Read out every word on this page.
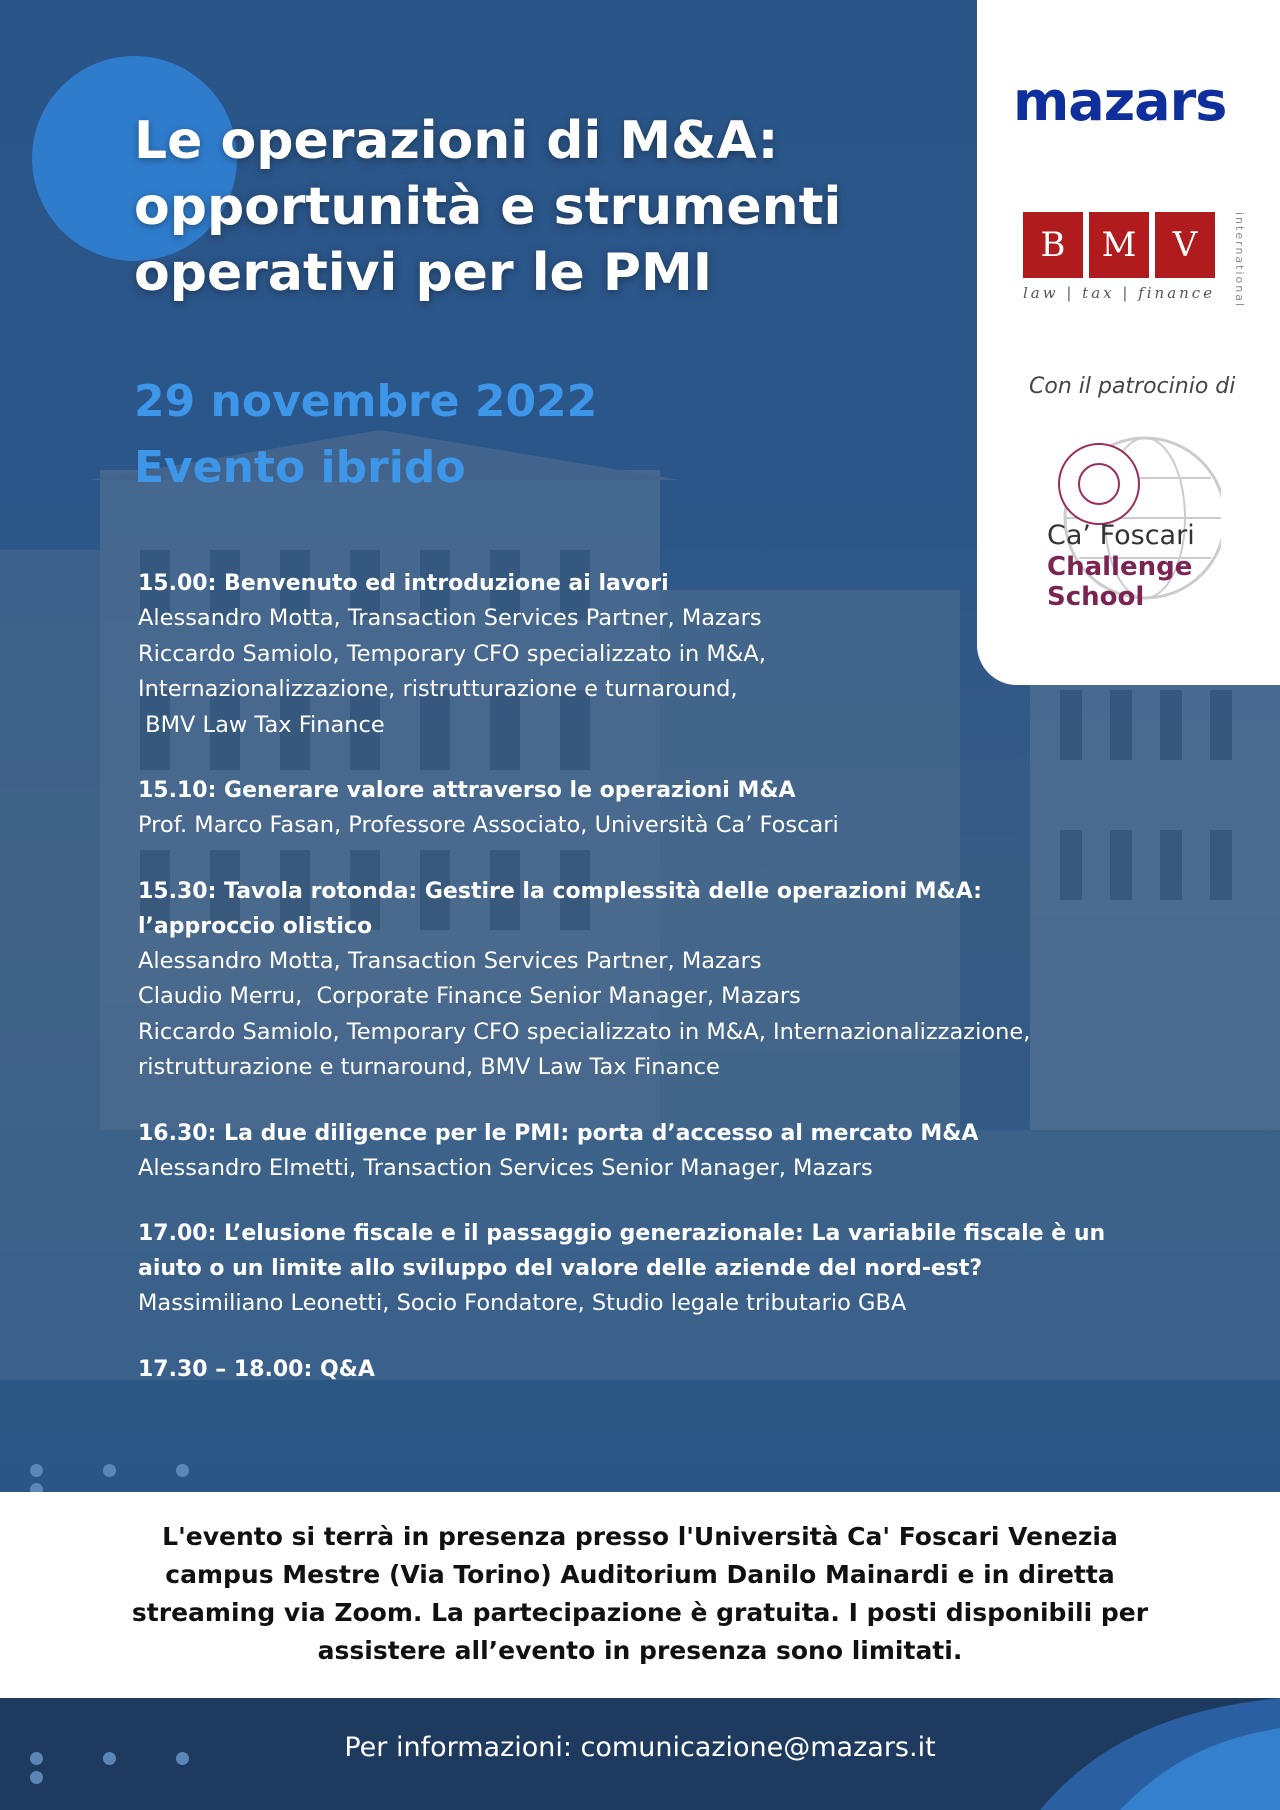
Le operazioni di M&A:
opportunità e strumenti
operativi per le PMI

29 novembre 2022

Evento ibrido

15.00: Benvenuto ed introduzione ai lavori

Alessandro Motta, Transaction Services Partner, Mazars

Riccardo Samiolo, Temporary CFO specializzato in M&A,

Internazionalizzazione, ristrutturazione e turnaround,

BMV Law Tax Finance

15.10: Generare valore attraverso le operazioni M&A

Prof. Marco Fasan, Professore Associato, Università Ca’ Foscari

15.30: Tavola rotonda: Gestire la complessità delle operazioni M&A:

l’approccio olistico

Alessandro Motta, Transaction Services Partner, Mazars

Claudio Merru,  Corporate Finance Senior Manager, Mazars

Riccardo Samiolo, Temporary CFO specializzato in M&A, Internazionalizzazione,

ristrutturazione e turnaround, BMV Law Tax Finance

16.30: La due diligence per le PMI: porta d’accesso al mercato M&A

Alessandro Elmetti, Transaction Services Senior Manager, Mazars

17.00: L’elusione fiscale e il passaggio generazionale: La variabile fiscale è un

aiuto o un limite allo sviluppo del valore delle aziende del nord-est?

Massimiliano Leonetti, Socio Fondatore, Studio legale tributario GBA

17.30 – 18.00: Q&A

mazars

B	M	V

law | tax | finance	international

Con il patrocinio di

Ca’ Foscari

Challenge

School

L'evento si terrà in presenza presso l'Università Ca' Foscari Venezia campus Mestre (Via Torino) Auditorium Danilo Mainardi e in diretta streaming via Zoom. La partecipazione è gratuita. I posti disponibili per assistere all’evento in presenza sono limitati.

Per informazioni: comunicazione@mazars.it
